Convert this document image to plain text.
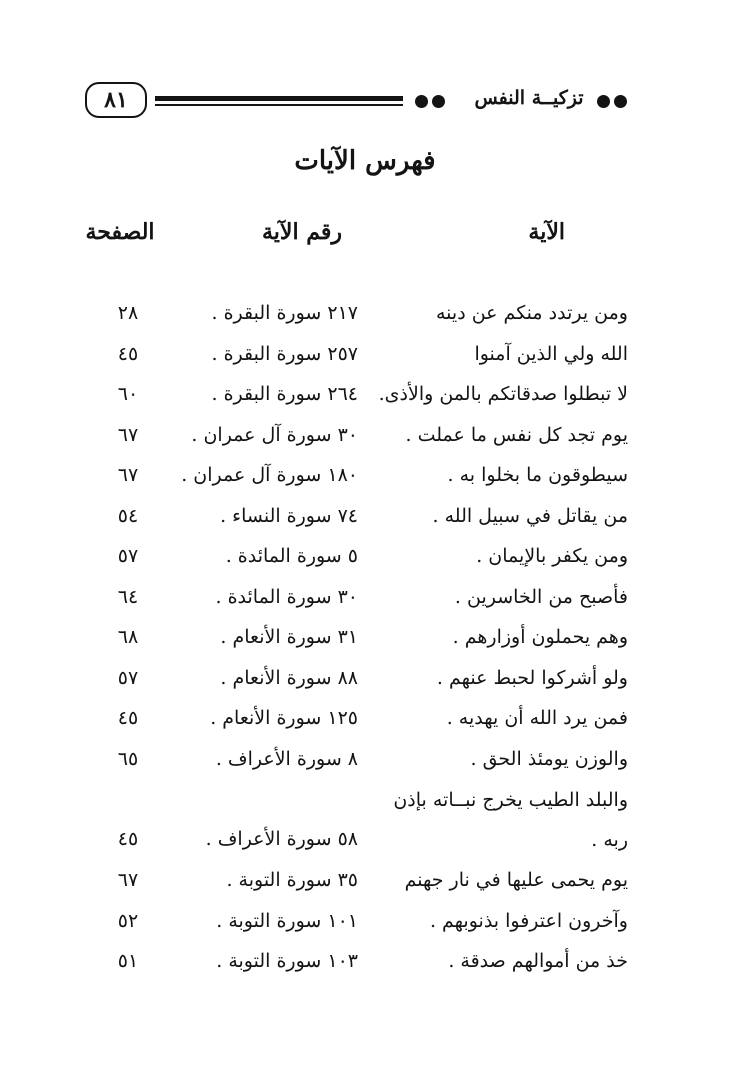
٨١	تزكيــة النفس
فهرس الآيات
الآية
رقم الآية
الصفحة
ومن يرتدد منكم عن دينه
٢١٧ سورة البقرة .
٢٨
الله ولي الذين آمنوا
٢٥٧ سورة البقرة .
٤٥
لا تبطلوا صدقاتكم بالمن والأذى.
٢٦٤ سورة البقرة .
٦٠
يوم تجد كل نفس ما عملت .
٣٠ سورة آل عمران .
٦٧
سيطوقون ما بخلوا به .
١٨٠ سورة آل عمران .
٦٧
من يقاتل في سبيل الله .
٧٤ سورة النساء .
٥٤
ومن يكفر بالإيمان .
٥ سورة المائدة .
٥٧
فأصبح من الخاسرين .
٣٠ سورة المائدة .
٦٤
وهم يحملون أوزارهم .
٣١ سورة الأنعام .
٦٨
ولو أشركوا لحبط عنهم .
٨٨ سورة الأنعام .
٥٧
فمن يرد الله أن يهديه .
١٢٥ سورة الأنعام .
٤٥
والوزن يومئذ الحق .
٨ سورة الأعراف .
٦٥
والبلد الطيب يخرج نبــاته بإذن ربه .
٥٨ سورة الأعراف .
٤٥
يوم يحمى عليها في نار جهنم
٣٥ سورة التوبة .
٦٧
وآخرون اعترفوا بذنوبهم .
١٠١ سورة التوبة .
٥٢
خذ من أموالهم صدقة .
١٠٣ سورة التوبة .
٥١
